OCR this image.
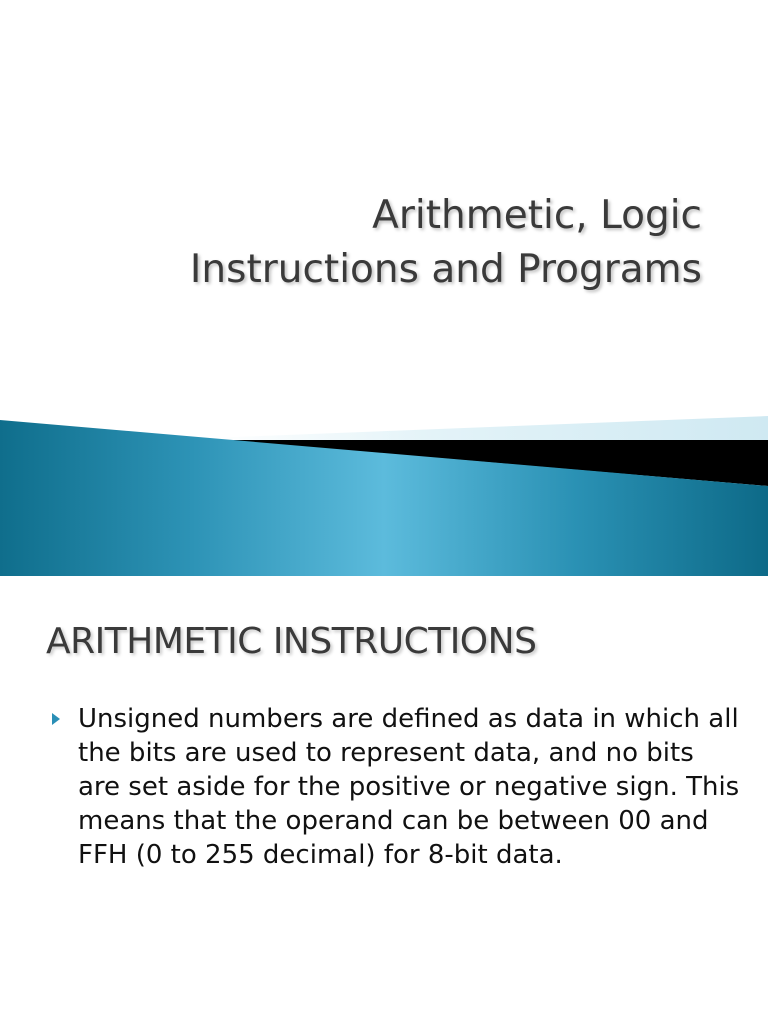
Arithmetic, Logic
Instructions and Programs
ARITHMETIC INSTRUCTIONS

Unsigned numbers are defined as data in which all the bits are used to represent data, and no bits are set aside for the positive or negative sign. This means that the operand can be between 00 and FFH (0 to 255 decimal) for 8-bit data.
